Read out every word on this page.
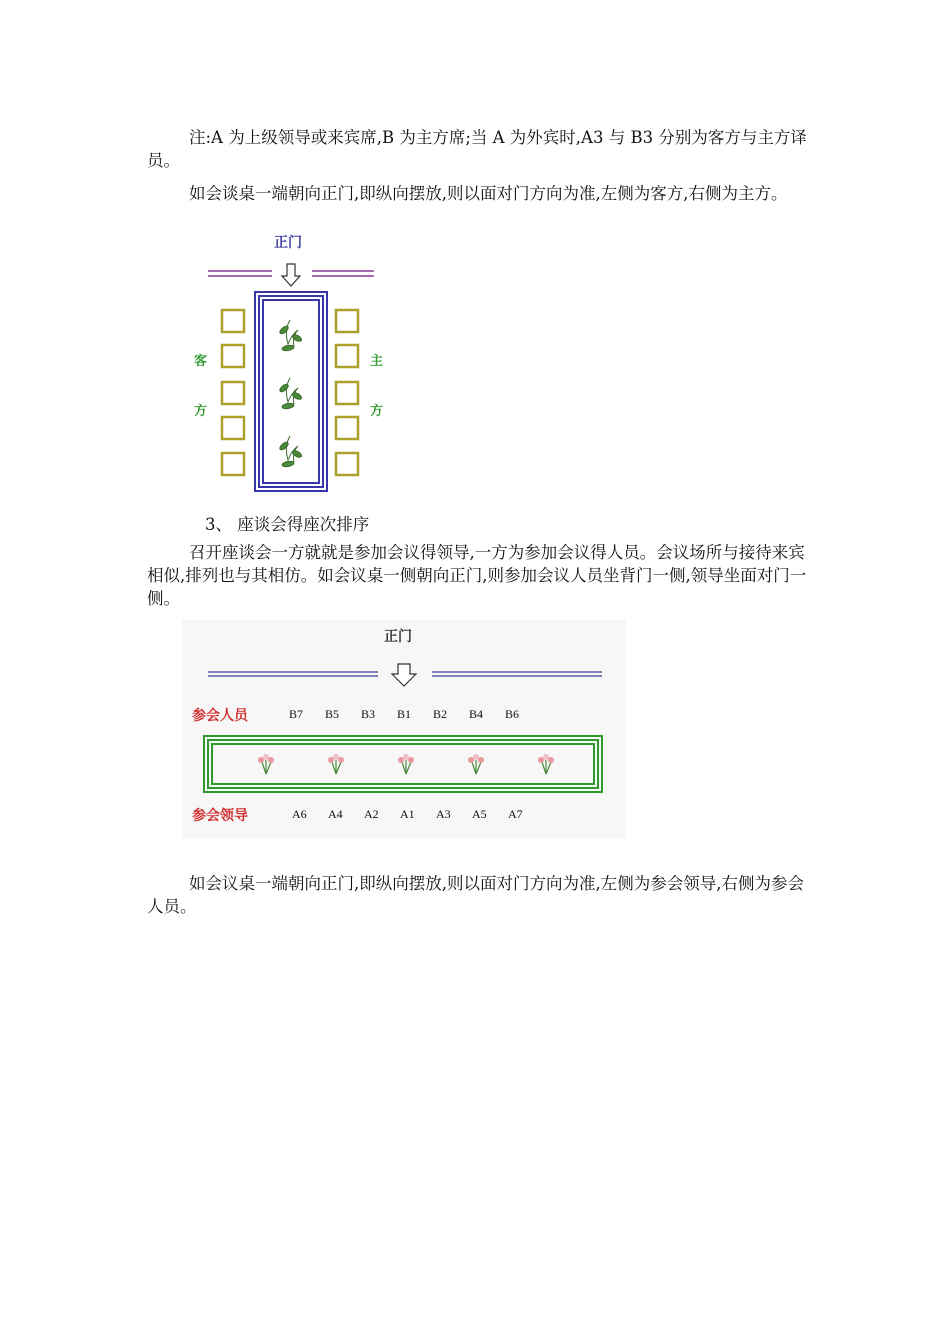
注:A 为上级领导或来宾席,B 为主方席;当 A 为外宾时,A3 与 B3 分别为客方与主方译员。

如会谈桌一端朝向正门,即纵向摆放,则以面对门方向为准,左侧为客方,右侧为主方。

正门
客
方
主
方

3、 座谈会得座次排序

召开座谈会一方就就是参加会议得领导,一方为参加会议得人员。会议场所与接待来宾相似,排列也与其相仿。如会议桌一侧朝向正门,则参加会议人员坐背门一侧,领导坐面对门一侧。

正门
参会人员	B7 B5 B3 B1 B2 B4 B6
参会领导	A6 A4 A2 A1 A3 A5 A7

如会议桌一端朝向正门,即纵向摆放,则以面对门方向为准,左侧为参会领导,右侧为参会人员。
